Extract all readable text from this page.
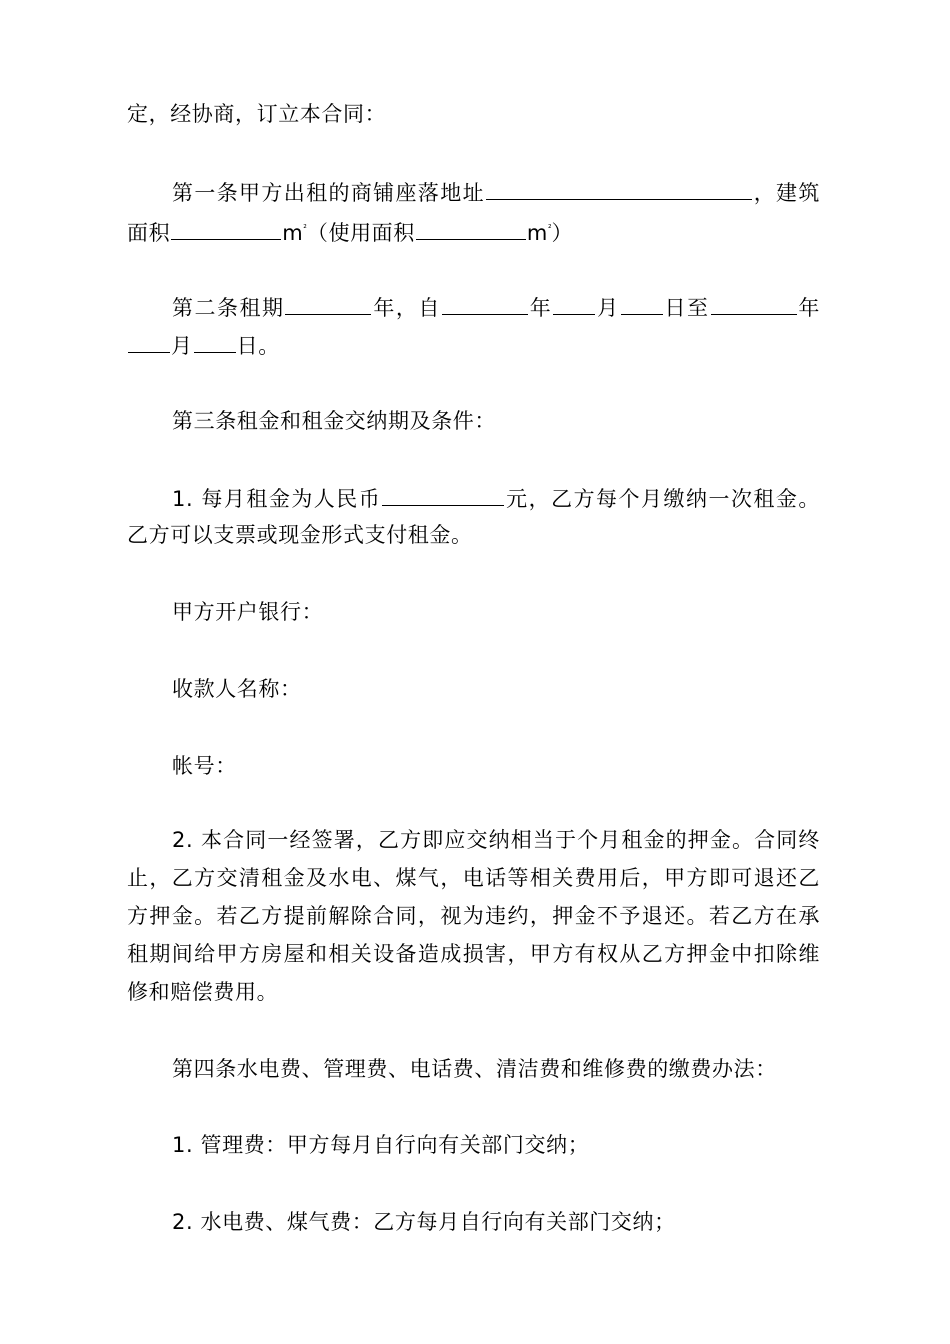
定，经协商，订立本合同：
第一条甲方出租的商铺座落地址	，建筑
面积	$m^{^2}$（使用面积	$m^{^2}$）
第二条租期	年，自	年 月 日至	年
月 日。
第三条租金和租金交纳期及条件：
1. 每月租金为人民币	元，乙方每个月缴纳一次租金。
乙方可以支票或现金形式支付租金。
甲方开户银行：
收款人名称：
帐号：
2. 本合同一经签署，乙方即应交纳相当于个月租金的押金。合同终
止，乙方交清租金及水电、煤气，电话等相关费用后，甲方即可退还乙
方押金。若乙方提前解除合同，视为违约，押金不予退还。若乙方在承
租期间给甲方房屋和相关设备造成损害，甲方有权从乙方押金中扣除维
修和赔偿费用。
第四条水电费、管理费、电话费、清洁费和维修费的缴费办法：
1. 管理费：甲方每月自行向有关部门交纳；
2. 水电费、煤气费：乙方每月自行向有关部门交纳；
